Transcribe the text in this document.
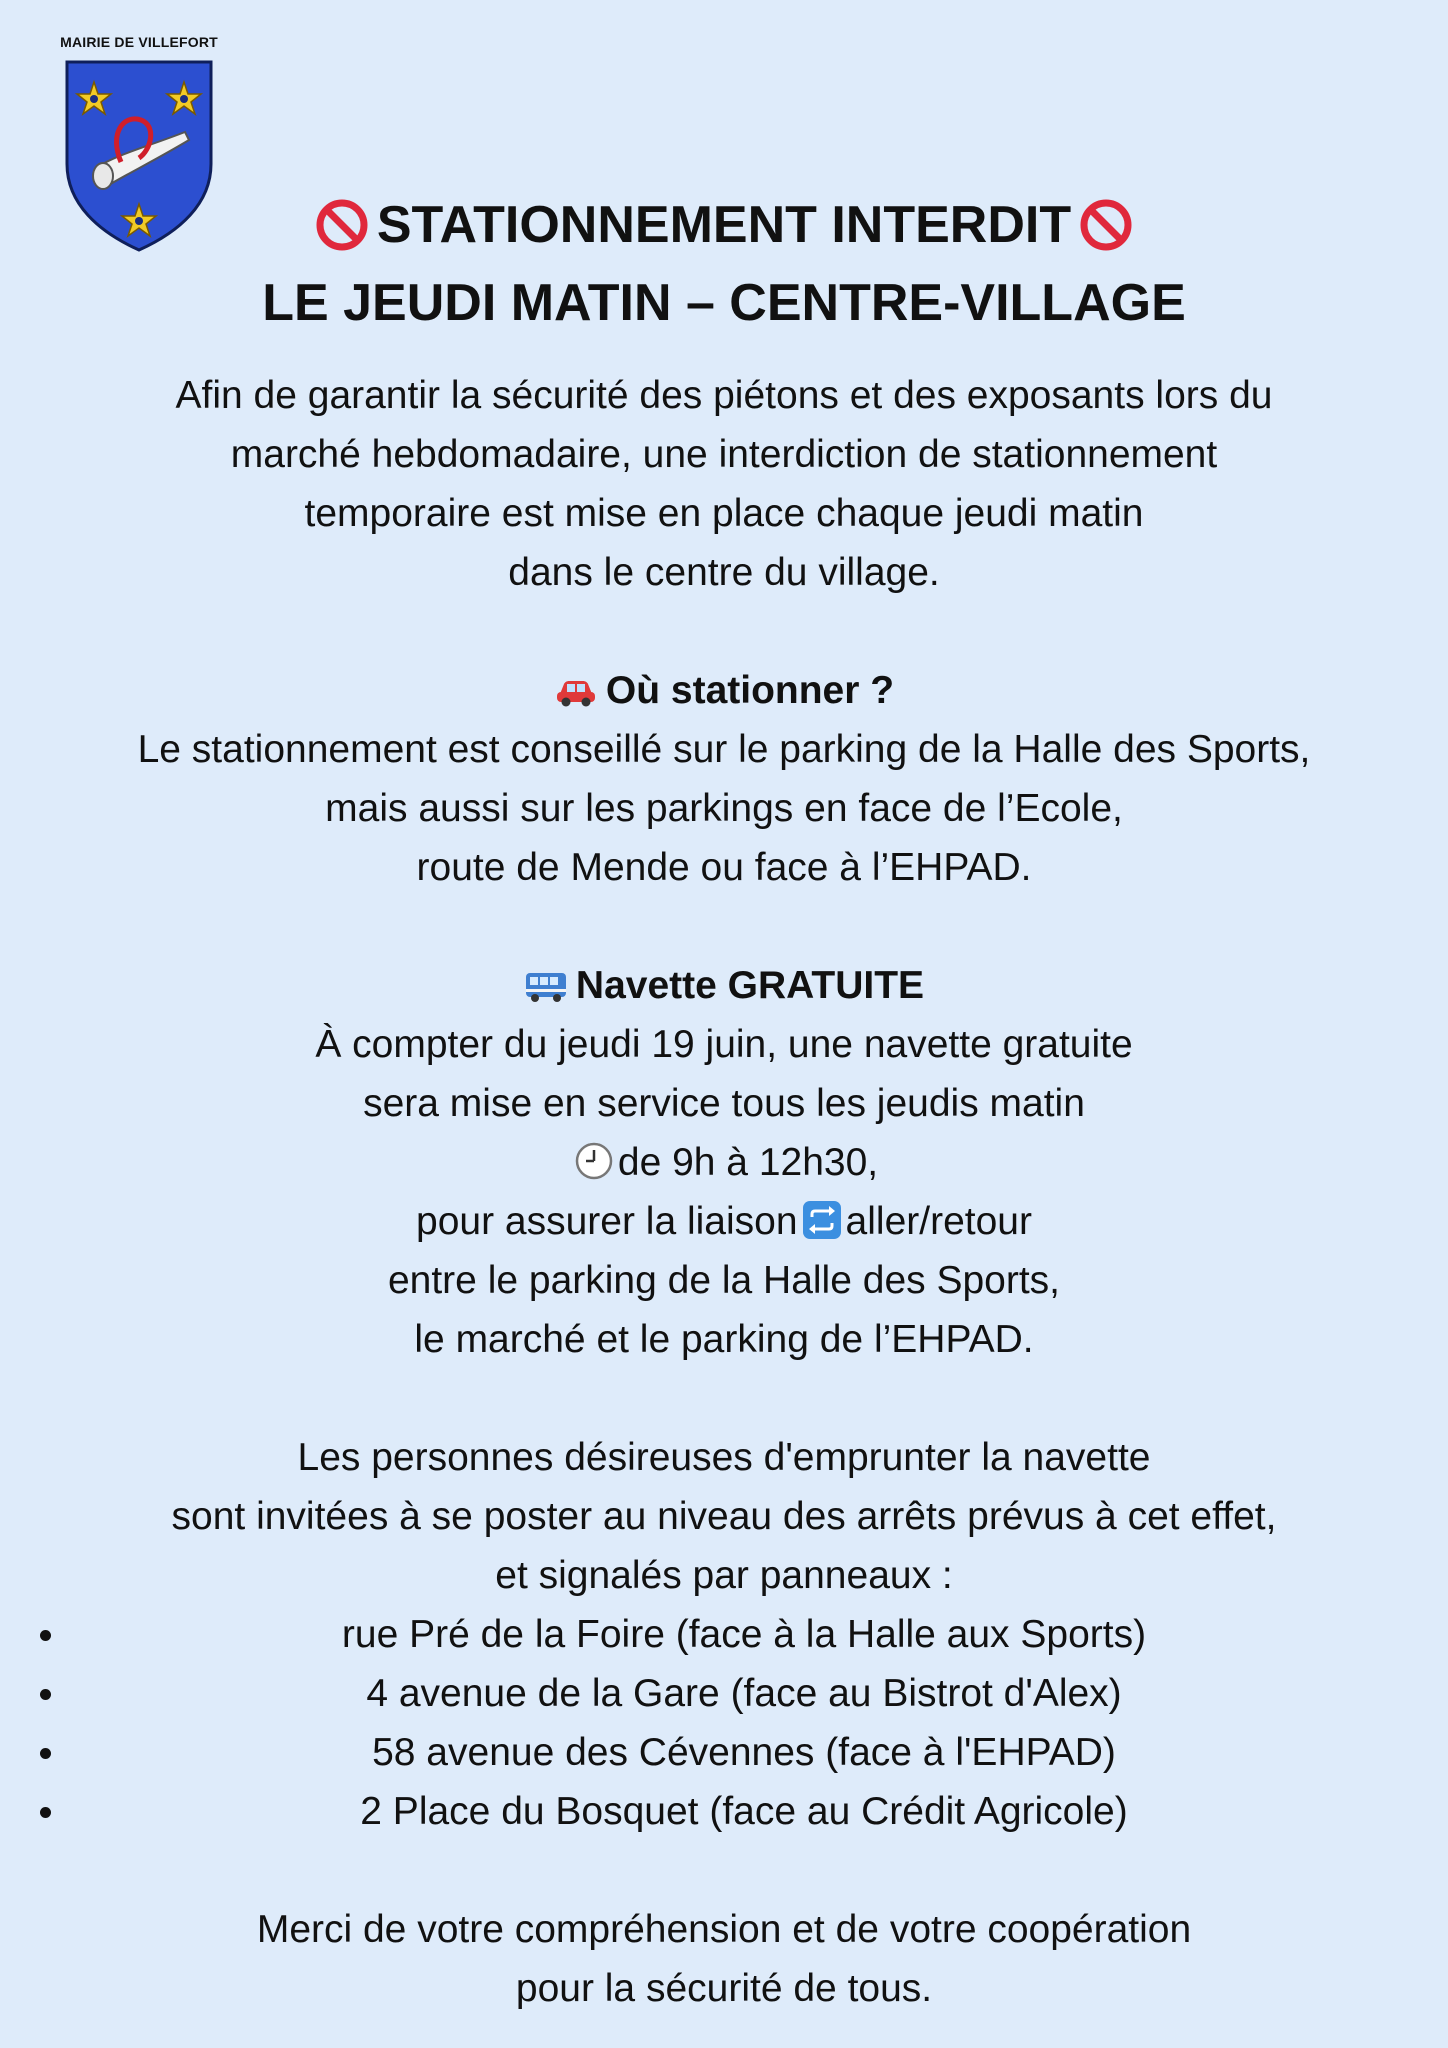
MAIRIE DE VILLEFORT
STATIONNEMENT INTERDIT
LE JEUDI MATIN – CENTRE-VILLAGE

Afin de garantir la sécurité des piétons et des exposants lors du

marché hebdomadaire, une interdiction de stationnement

temporaire est mise en place chaque jeudi matin

dans le centre du village.

Où stationner ?

Le stationnement est conseillé sur le parking de la Halle des Sports,

mais aussi sur les parkings en face de l’Ecole,

route de Mende ou face à l’EHPAD.

Navette GRATUITE

À compter du jeudi 19 juin, une navette gratuite

sera mise en service tous les jeudis matin

de 9h à 12h30,

pour assurer la liaison aller/retour

entre le parking de la Halle des Sports,

le marché et le parking de l’EHPAD.

Les personnes désireuses d'emprunter la navette

sont invitées à se poster au niveau des arrêts prévus à cet effet,

et signalés par panneaux :

rue Pré de la Foire (face à la Halle aux Sports)
4 avenue de la Gare (face au Bistrot d'Alex)
58 avenue des Cévennes (face à l'EHPAD)
2 Place du Bosquet (face au Crédit Agricole)

Merci de votre compréhension et de votre coopération

pour la sécurité de tous.
